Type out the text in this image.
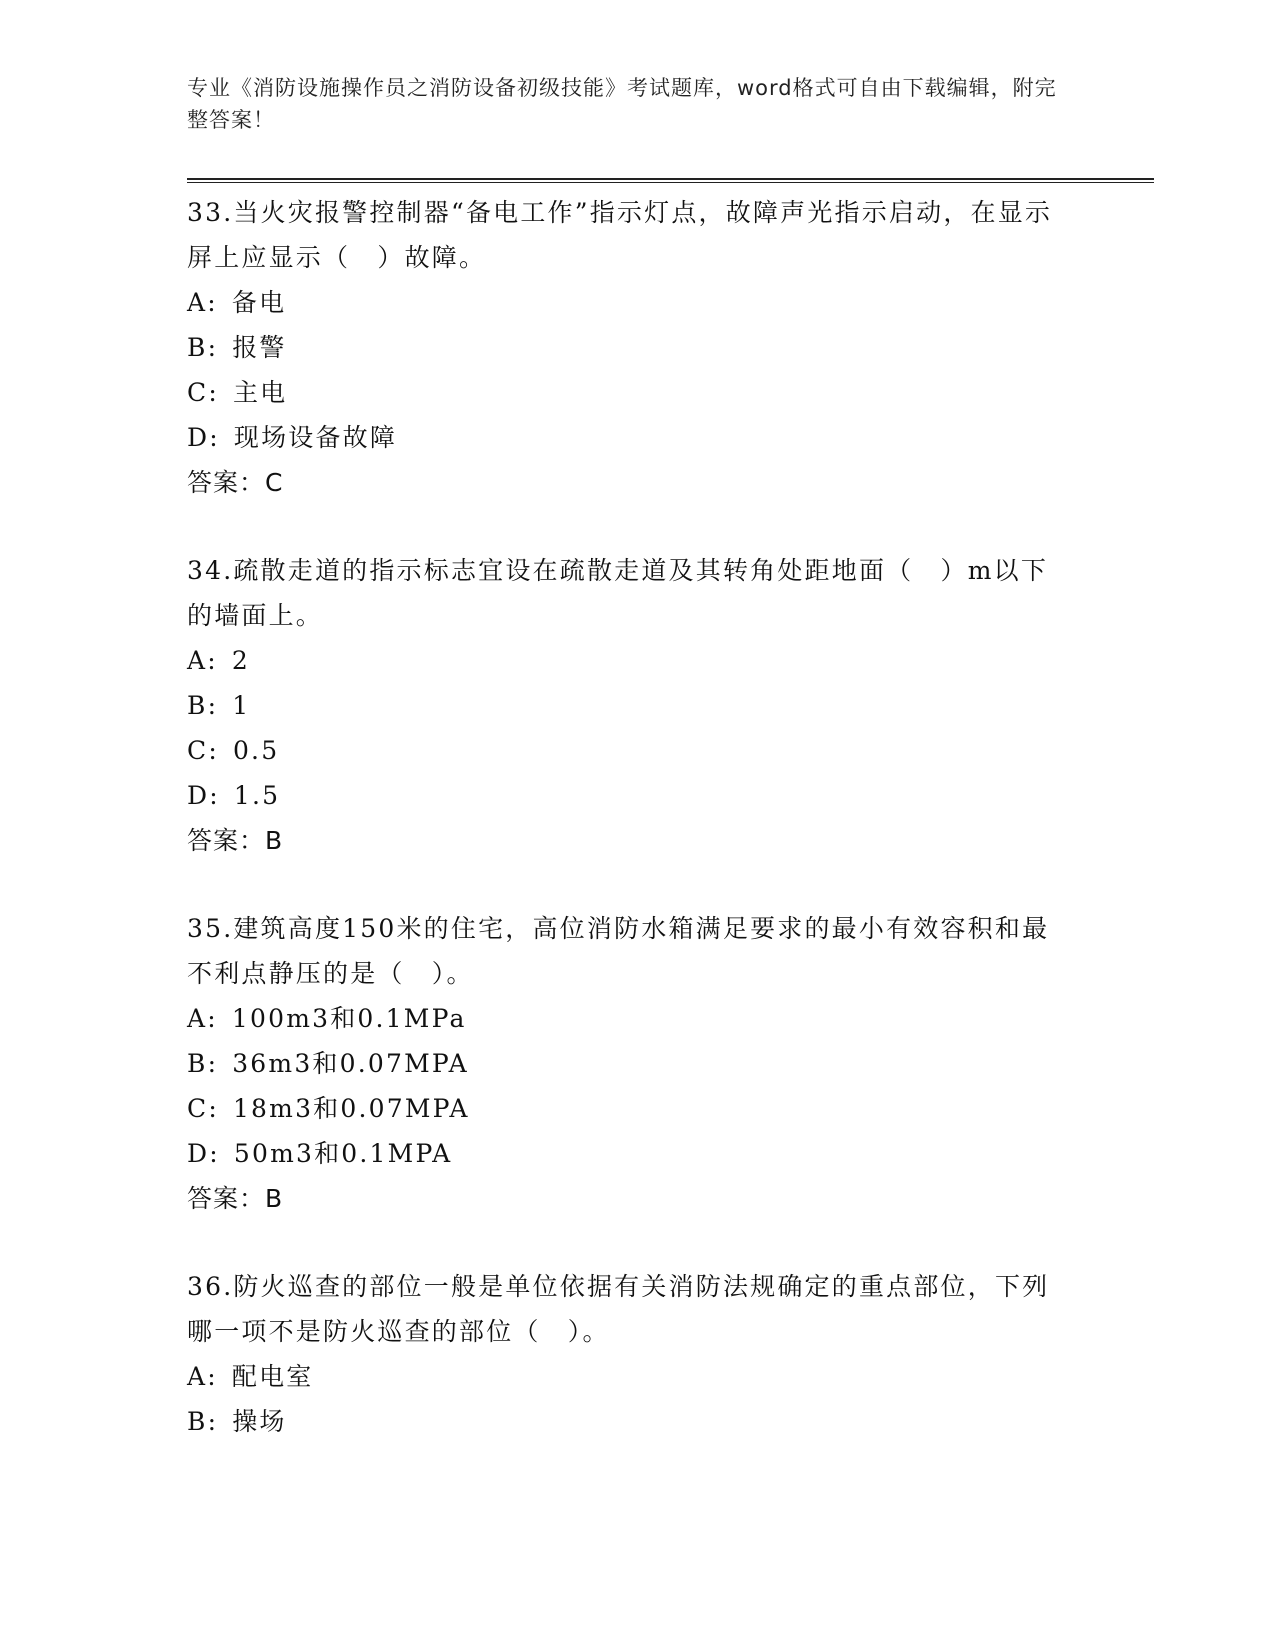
专业《消防设施操作员之消防设备初级技能》考试题库，word格式可自由下载编辑，附完整答案！
33.当火灾报警控制器“备电工作”指示灯点，故障声光指示启动，在显示屏上应显示（　）故障。
A: 备电
B: 报警
C: 主电
D: 现场设备故障
答案：C
34.疏散走道的指示标志宜设在疏散走道及其转角处距地面（　）m以下的墙面上。
A: 2
B: 1
C: 0.5
D: 1.5
答案：B
35.建筑高度150米的住宅，高位消防水箱满足要求的最小有效容积和最不利点静压的是（　）。
A: 100m3和0.1MPa
B: 36m3和0.07MPA
C: 18m3和0.07MPA
D: 50m3和0.1MPA
答案：B
36.防火巡查的部位一般是单位依据有关消防法规确定的重点部位，下列哪一项不是防火巡查的部位（　）。
A: 配电室
B: 操场
